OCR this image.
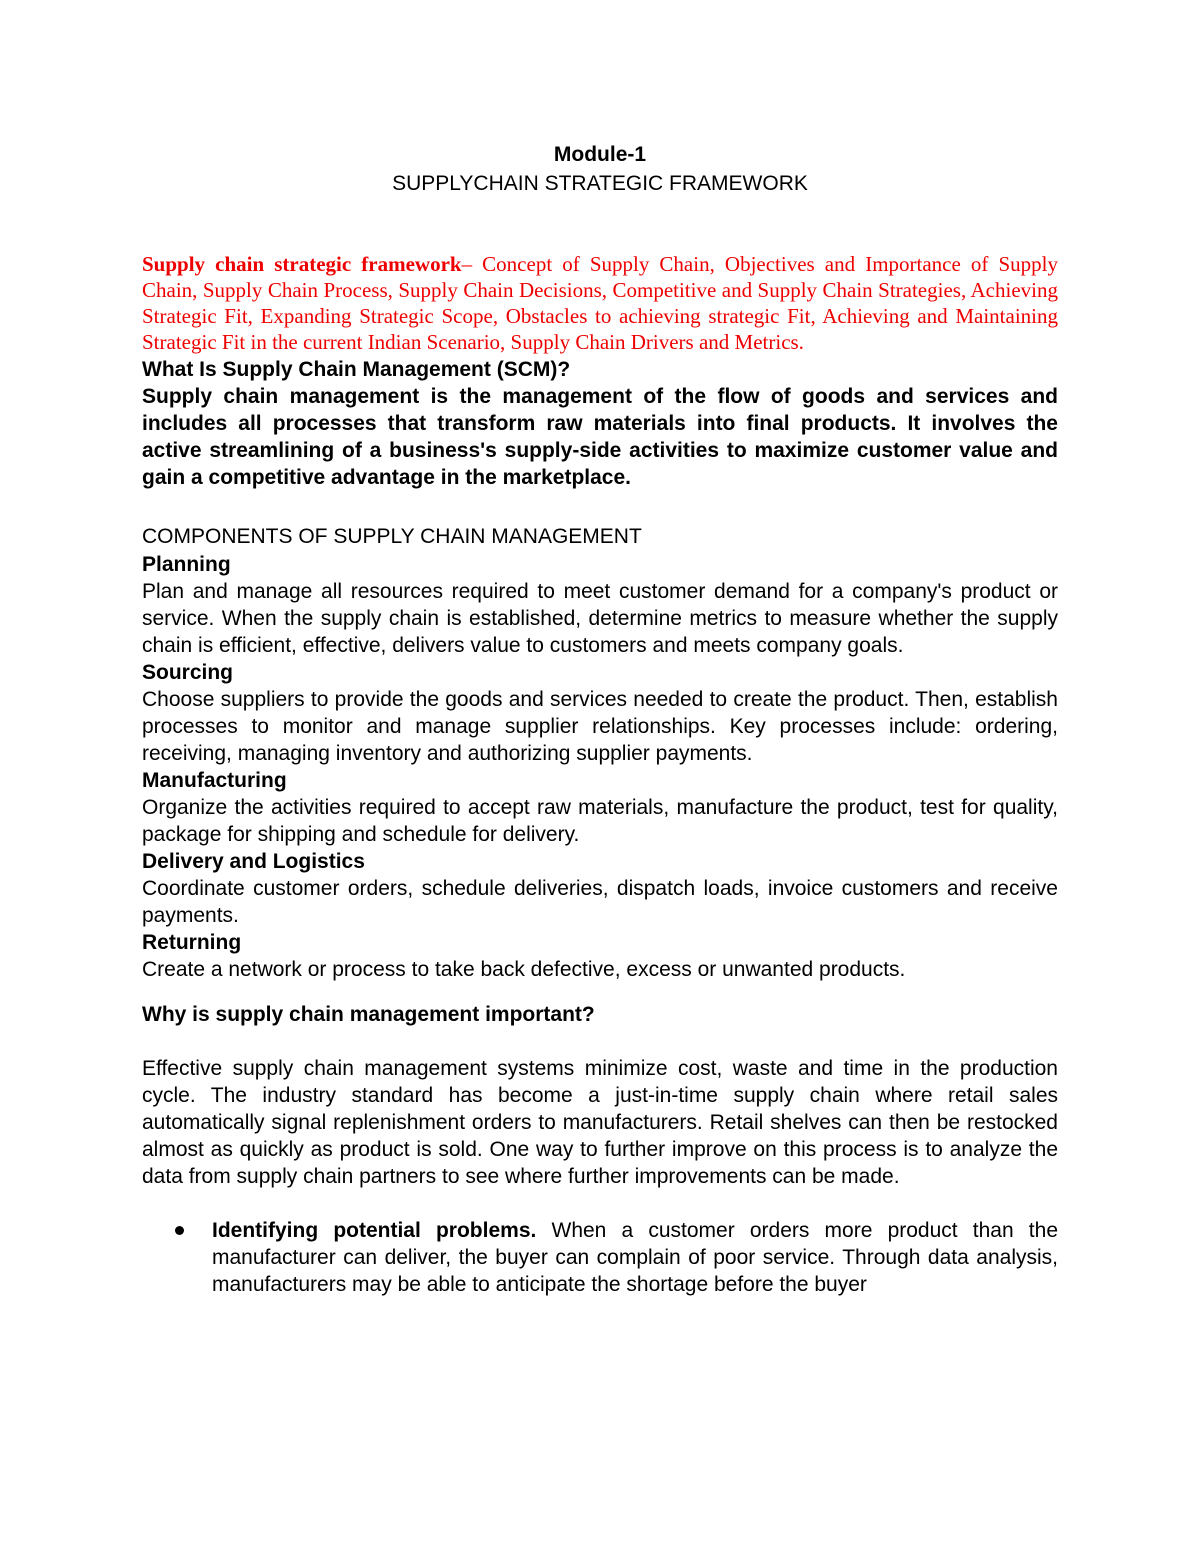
Module-1
SUPPLYCHAIN STRATEGIC FRAMEWORK
Supply chain strategic framework– Concept of Supply Chain, Objectives and Importance of Supply Chain, Supply Chain Process, Supply Chain Decisions, Competitive and Supply Chain Strategies, Achieving Strategic Fit, Expanding Strategic Scope, Obstacles to achieving strategic Fit, Achieving and Maintaining Strategic Fit in the current Indian Scenario, Supply Chain Drivers and Metrics.
What Is Supply Chain Management (SCM)?
Supply chain management is the management of the flow of goods and services and includes all processes that transform raw materials into final products. It involves the active streamlining of a business's supply-side activities to maximize customer value and gain a competitive advantage in the marketplace.
COMPONENTS OF SUPPLY CHAIN MANAGEMENT
Planning
Plan and manage all resources required to meet customer demand for a company's product or service. When the supply chain is established, determine metrics to measure whether the supply chain is efficient, effective, delivers value to customers and meets company goals.
Sourcing
Choose suppliers to provide the goods and services needed to create the product. Then, establish processes to monitor and manage supplier relationships. Key processes include: ordering, receiving, managing inventory and authorizing supplier payments.
Manufacturing
Organize the activities required to accept raw materials, manufacture the product, test for quality, package for shipping and schedule for delivery.
Delivery and Logistics
Coordinate customer orders, schedule deliveries, dispatch loads, invoice customers and receive payments.
Returning
Create a network or process to take back defective, excess or unwanted products.
Why is supply chain management important?
Effective supply chain management systems minimize cost, waste and time in the production cycle. The industry standard has become a just-in-time supply chain where retail sales automatically signal replenishment orders to manufacturers. Retail shelves can then be restocked almost as quickly as product is sold. One way to further improve on this process is to analyze the data from supply chain partners to see where further improvements can be made.
Identifying potential problems. When a customer orders more product than the manufacturer can deliver, the buyer can complain of poor service. Through data analysis, manufacturers may be able to anticipate the shortage before the buyer
